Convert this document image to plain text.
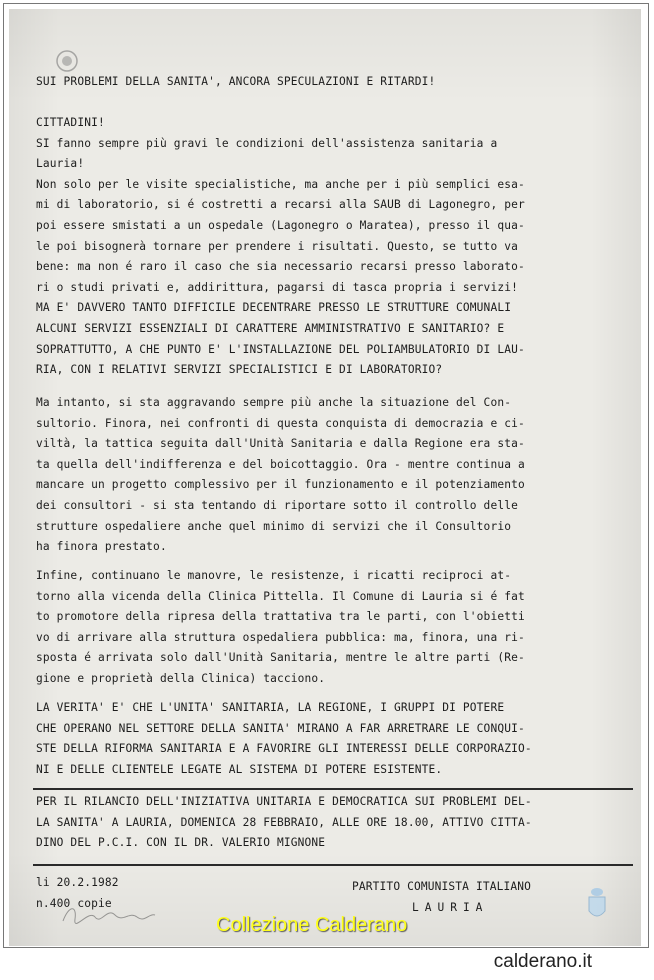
SUI PROBLEMI DELLA SANITA', ANCORA SPECULAZIONI E RITARDI!
CITTADINI!
SI fanno sempre più gravi le condizioni dell'assistenza sanitaria a
Lauria!
Non solo per le visite specialistiche, ma anche per i più semplici esa-
mi di laboratorio, si é costretti a recarsi alla SAUB di Lagonegro, per
poi essere smistati a un ospedale (Lagonegro o Maratea), presso il qua-
le poi bisognerà tornare per prendere i risultati. Questo, se tutto va
bene: ma non é raro il caso che sia necessario recarsi presso laborato-
ri o studi privati e, addirittura, pagarsi di tasca propria i servizi!
MA E' DAVVERO TANTO DIFFICILE DECENTRARE PRESSO LE STRUTTURE COMUNALI
ALCUNI SERVIZI ESSENZIALI DI CARATTERE AMMINISTRATIVO E SANITARIO? E
SOPRATTUTTO, A CHE PUNTO E' L'INSTALLAZIONE DEL POLIAMBULATORIO DI LAU-
RIA, CON I RELATIVI SERVIZI SPECIALISTICI E DI LABORATORIO?
Ma intanto, si sta aggravando sempre più anche la situazione del Con-
sultorio. Finora, nei confronti di questa conquista di democrazia e ci-
viltà, la tattica seguita dall'Unità Sanitaria e dalla Regione era sta-
ta quella dell'indifferenza e del boicottaggio. Ora - mentre continua a
mancare un progetto complessivo per il funzionamento e il potenziamento
dei consultori - si sta tentando di riportare sotto il controllo delle
strutture ospedaliere anche quel minimo di servizi che il Consultorio
ha finora prestato.
Infine, continuano le manovre, le resistenze, i ricatti reciproci at-
torno alla vicenda della Clinica Pittella. Il Comune di Lauria si é fat
to promotore della ripresa della trattativa tra le parti, con l'obietti
vo di arrivare alla struttura ospedaliera pubblica: ma, finora, una ri-
sposta é arrivata solo dall'Unità Sanitaria, mentre le altre parti (Re-
gione e proprietà della Clinica) tacciono.
LA VERITA' E' CHE L'UNITA' SANITARIA, LA REGIONE, I GRUPPI DI POTERE
CHE OPERANO NEL SETTORE DELLA SANITA' MIRANO A FAR ARRETRARE LE CONQUI-
STE DELLA RIFORMA SANITARIA E A FAVORIRE GLI INTERESSI DELLE CORPORAZIO-
NI E DELLE CLIENTELE LEGATE AL SISTEMA DI POTERE ESISTENTE.
PER IL RILANCIO DELL'INIZIATIVA UNITARIA E DEMOCRATICA SUI PROBLEMI DEL-
LA SANITA' A LAURIA, DOMENICA 28 FEBBRAIO, ALLE ORE 18.00, ATTIVO CITTA-
DINO DEL P.C.I. CON IL DR. VALERIO MIGNONE
li 20.2.1982
n.400 copie
PARTITO COMUNISTA ITALIANO
LAURIA
Collezione Calderano
calderano.it
